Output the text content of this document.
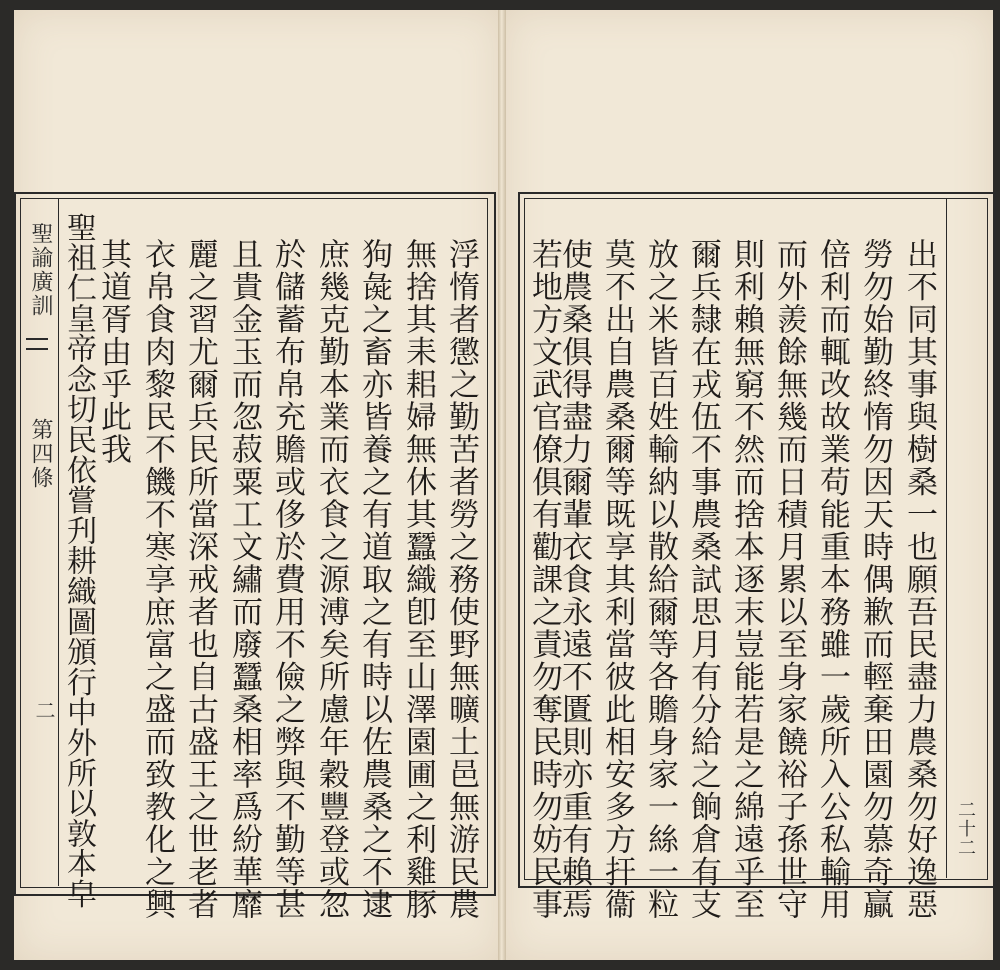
聖諭廣訓
第四條
二	浮惰者懲之勤苦者勞之務使野無曠土邑無游民農
無捨其耒耜婦無休其蠶織卽至山澤園圃之利雞豚
狗彘之畜亦皆養之有道取之有時以佐農桑之不逮
庶幾克勤本業而衣食之源溥矣所慮年穀豐登或忽
於儲蓄布帛充贍或侈於費用不儉之弊與不勤等甚
且貴金玉而忽菽粟工文繡而廢蠶桑相率爲紛華靡
麗之習尤爾兵民所當深戒者也自古盛王之世老者
衣帛食肉黎民不饑不寒享庶富之盛而致教化之興
其道胥由乎此我
聖祖仁皇帝念切民依嘗刋耕織圖頒行中外所以敦本皁	二十二
出不同其事與樹桑一也願吾民盡力農桑勿好逸惡
勞勿始勤終惰勿因天時偶歉而輕棄田園勿慕奇贏
倍利而輒改故業苟能重本務雖一歲所入公私輸用
而外羨餘無幾而日積月累以至身家饒裕子孫世守
則利賴無窮不然而捨本逐末豈能若是之綿遠乎至
爾兵隸在戎伍不事農桑試思月有分給之餉倉有支
放之米皆百姓輸納以散給爾等各贍身家一絲一粒
莫不出自農桑爾等既享其利當彼此相安多方扞衞
使農桑俱得盡力爾輩衣食永遠不匱則亦重有賴焉
若地方文武官僚俱有勸課之責勿奪民時勿妨民事
